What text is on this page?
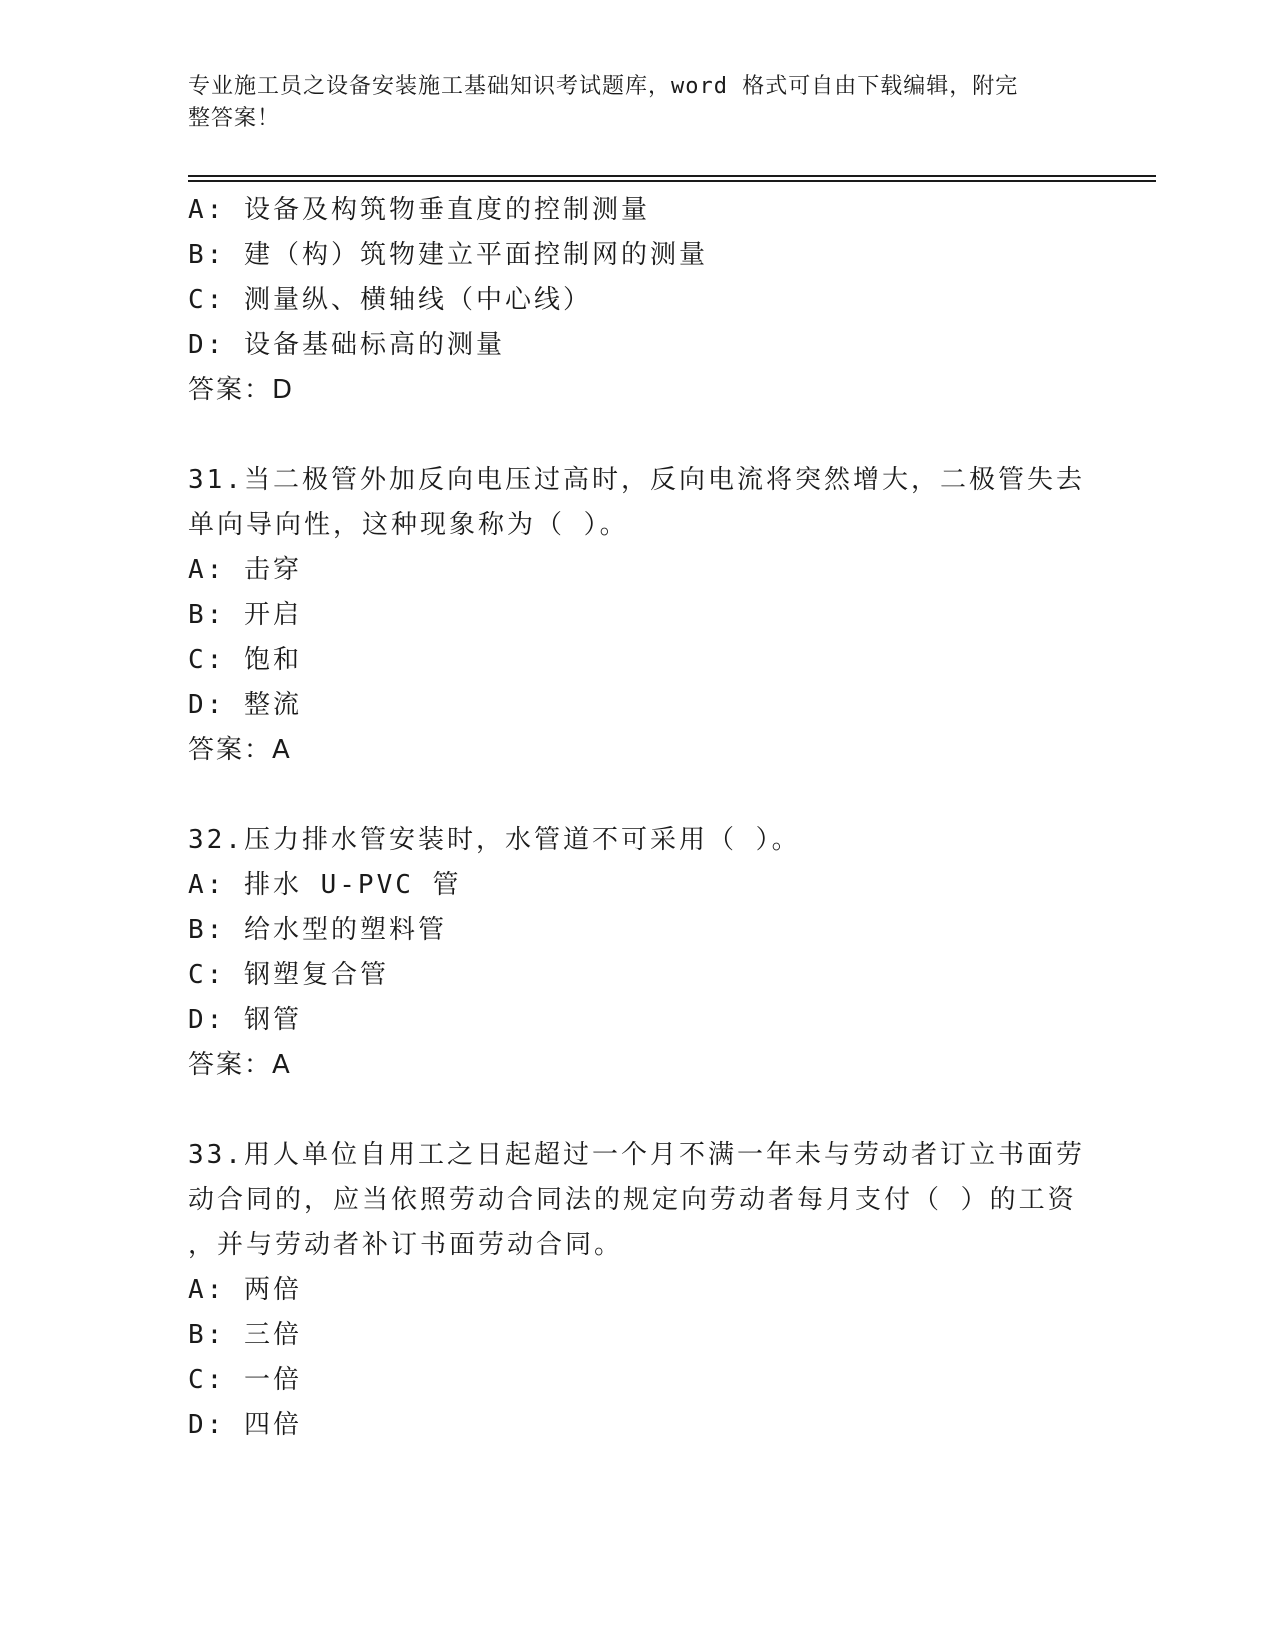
专业施工员之设备安装施工基础知识考试题库，word 格式可自由下载编辑，附完
整答案！
A: 设备及构筑物垂直度的控制测量
B: 建（构）筑物建立平面控制网的测量
C: 测量纵、横轴线（中心线）
D: 设备基础标高的测量
答案：D
31.当二极管外加反向电压过高时，反向电流将突然增大，二极管失去
单向导向性，这种现象称为（ ）。
A: 击穿
B: 开启
C: 饱和
D: 整流
答案：A
32.压力排水管安装时，水管道不可采用（ ）。
A: 排水 U-PVC 管
B: 给水型的塑料管
C: 钢塑复合管
D: 钢管
答案：A
33.用人单位自用工之日起超过一个月不满一年未与劳动者订立书面劳
动合同的，应当依照劳动合同法的规定向劳动者每月支付（ ）的工资
，并与劳动者补订书面劳动合同。
A: 两倍
B: 三倍
C: 一倍
D: 四倍
